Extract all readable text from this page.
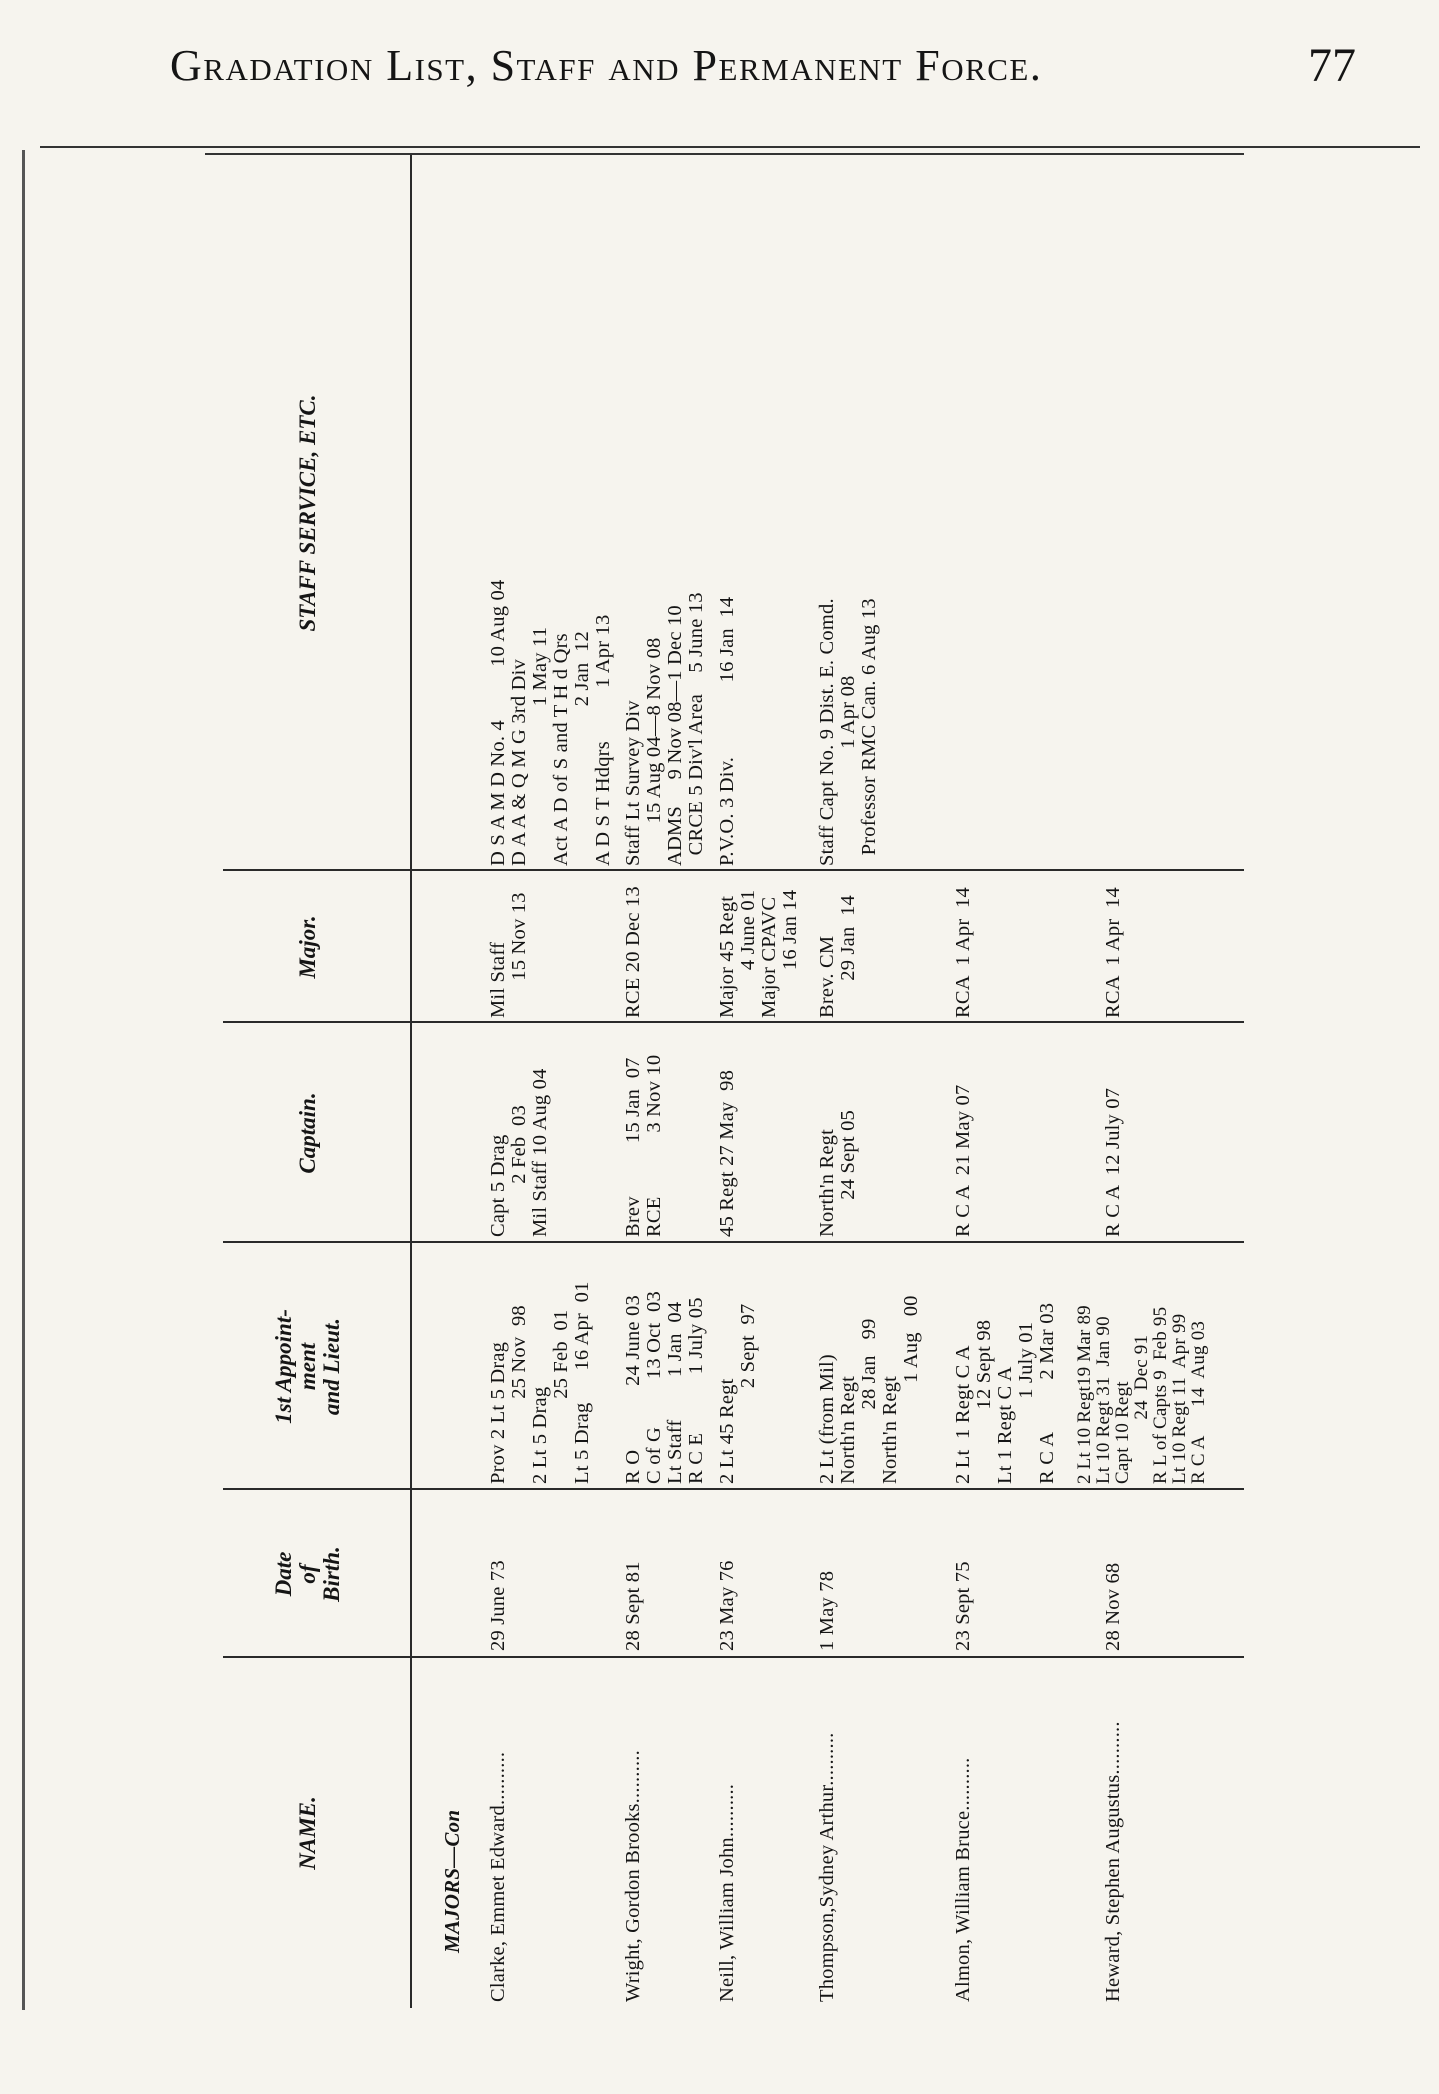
Gradation List, Staff and Permanent Force.	77
NAME.
Date
of
Birth.
1st Appoint-
ment
and Lieut.
Captain.
Major.
STAFF SERVICE, ETC.
MAJORS—Con Clarke, Emmet Edward..........
29 June 73
Prov 2 Lt 5 Drag
25 Nov  98
2 Lt 5 Drag
25 Feb  01
Lt 5 Drag      16 Apr  01
Capt 5 Drag
2 Feb  03
Mil Staff 10 Aug 04
Mil Staff
15 Nov 13
D S A M D No. 4          10 Aug 04
D A A & Q M G 3rd Div
1 May 11
Act A D of S and T H d Qrs
2 Jan  12
A D S T Hdqrs          1 Apr 13
Wright, Gordon Brooks..........
28 Sept 81
R O            24 June 03
C of G         13 Oct  03
Lt Staff        1 Jan  04
R C E           1 July 05
Brev          15 Jan  07
RCE            3 Nov 10
RCE 20 Dec 13
Staff Lt Survey Div
15 Aug 04—8 Nov 08
ADMS     9 Nov 08—1 Dec 10
CRCE 5 Div'l Area    5 June 13
Neill, William John..........
23 May 76
2 Lt 45 Regt
2 Sept  97
45 Regt 27 May  98
Major 45 Regt
4 June 01
Major CPAVC
16 Jan 14
P.V.O. 3 Div.              16 Jan  14
Thompson,Sydney Arthur..........
1 May 78
2 Lt (from Mil)
North'n Regt
28 Jan   99
North'n Regt
1 Aug   00
North'n Regt
24 Sept 05
Brev. CM
29 Jan  14
Staff Capt No. 9 Dist. E. Comd.
1 Apr 08
Professor RMC Can. 6 Aug 13
Almon, William Bruce..........
23 Sept 75
2 Lt  1 Regt C A
12 Sept 98
Lt 1 Regt C A
1 July 01
R C A          2 Mar 03
R C A  21 May 07
RCA  1 Apr  14
Heward, Stephen Augustus..........
28 Nov 68
2 Lt 10 Regt19 Mar 89
Lt 10 Regt 31  Jan 90
Capt 10 Regt
24  Dec 91
R L of Capts 9  Feb 95
Lt 10 Regt 11  Apr 99
R C A      14  Aug 03
R C A  12 July 07
RCA  1 Apr  14
